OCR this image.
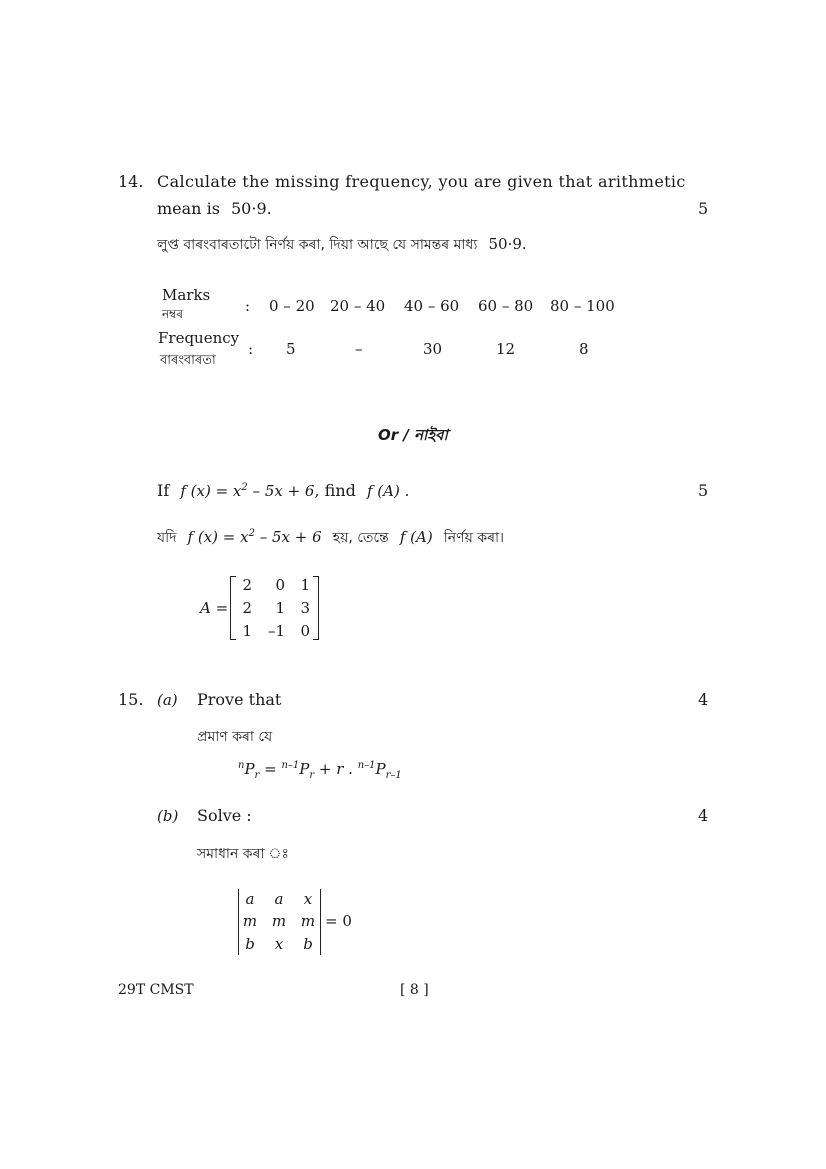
14. Calculate the missing frequency, you are given that arithmetic
mean is 50·9.	5
লুপ্ত বাৰংবাৰতাটো নিৰ্ণয় কৰা, দিয়া আছে যে সামন্তৰ মাধ্য 50·9.
Marks
নম্বৰ	: 0 – 20 20 – 40 40 – 60 60 – 80 80 – 100
Frequency
বাৰংবাৰতা
: 5	–	30	12	8
Or / নাইবা
If f $(x) = x^2 - 5x + 6$, find f (A) .	5
যদি f $(x) = x^2 - 5x + 6$ হয়, তেন্তে f (A) নিৰ্ণয় কৰা।
A =
2	0	1
2	1	3
1	–1	0
15. (a) Prove that	4
প্ৰমাণ কৰা যে
$^nP_r = ^{n-1}P_r + r$ . $^{n-1}P_{r-1}$
(b) Solve :	4
সমাধান কৰা ঃ
a a x
m m m
b x b
= 0
29T CMST	[ 8 ]
